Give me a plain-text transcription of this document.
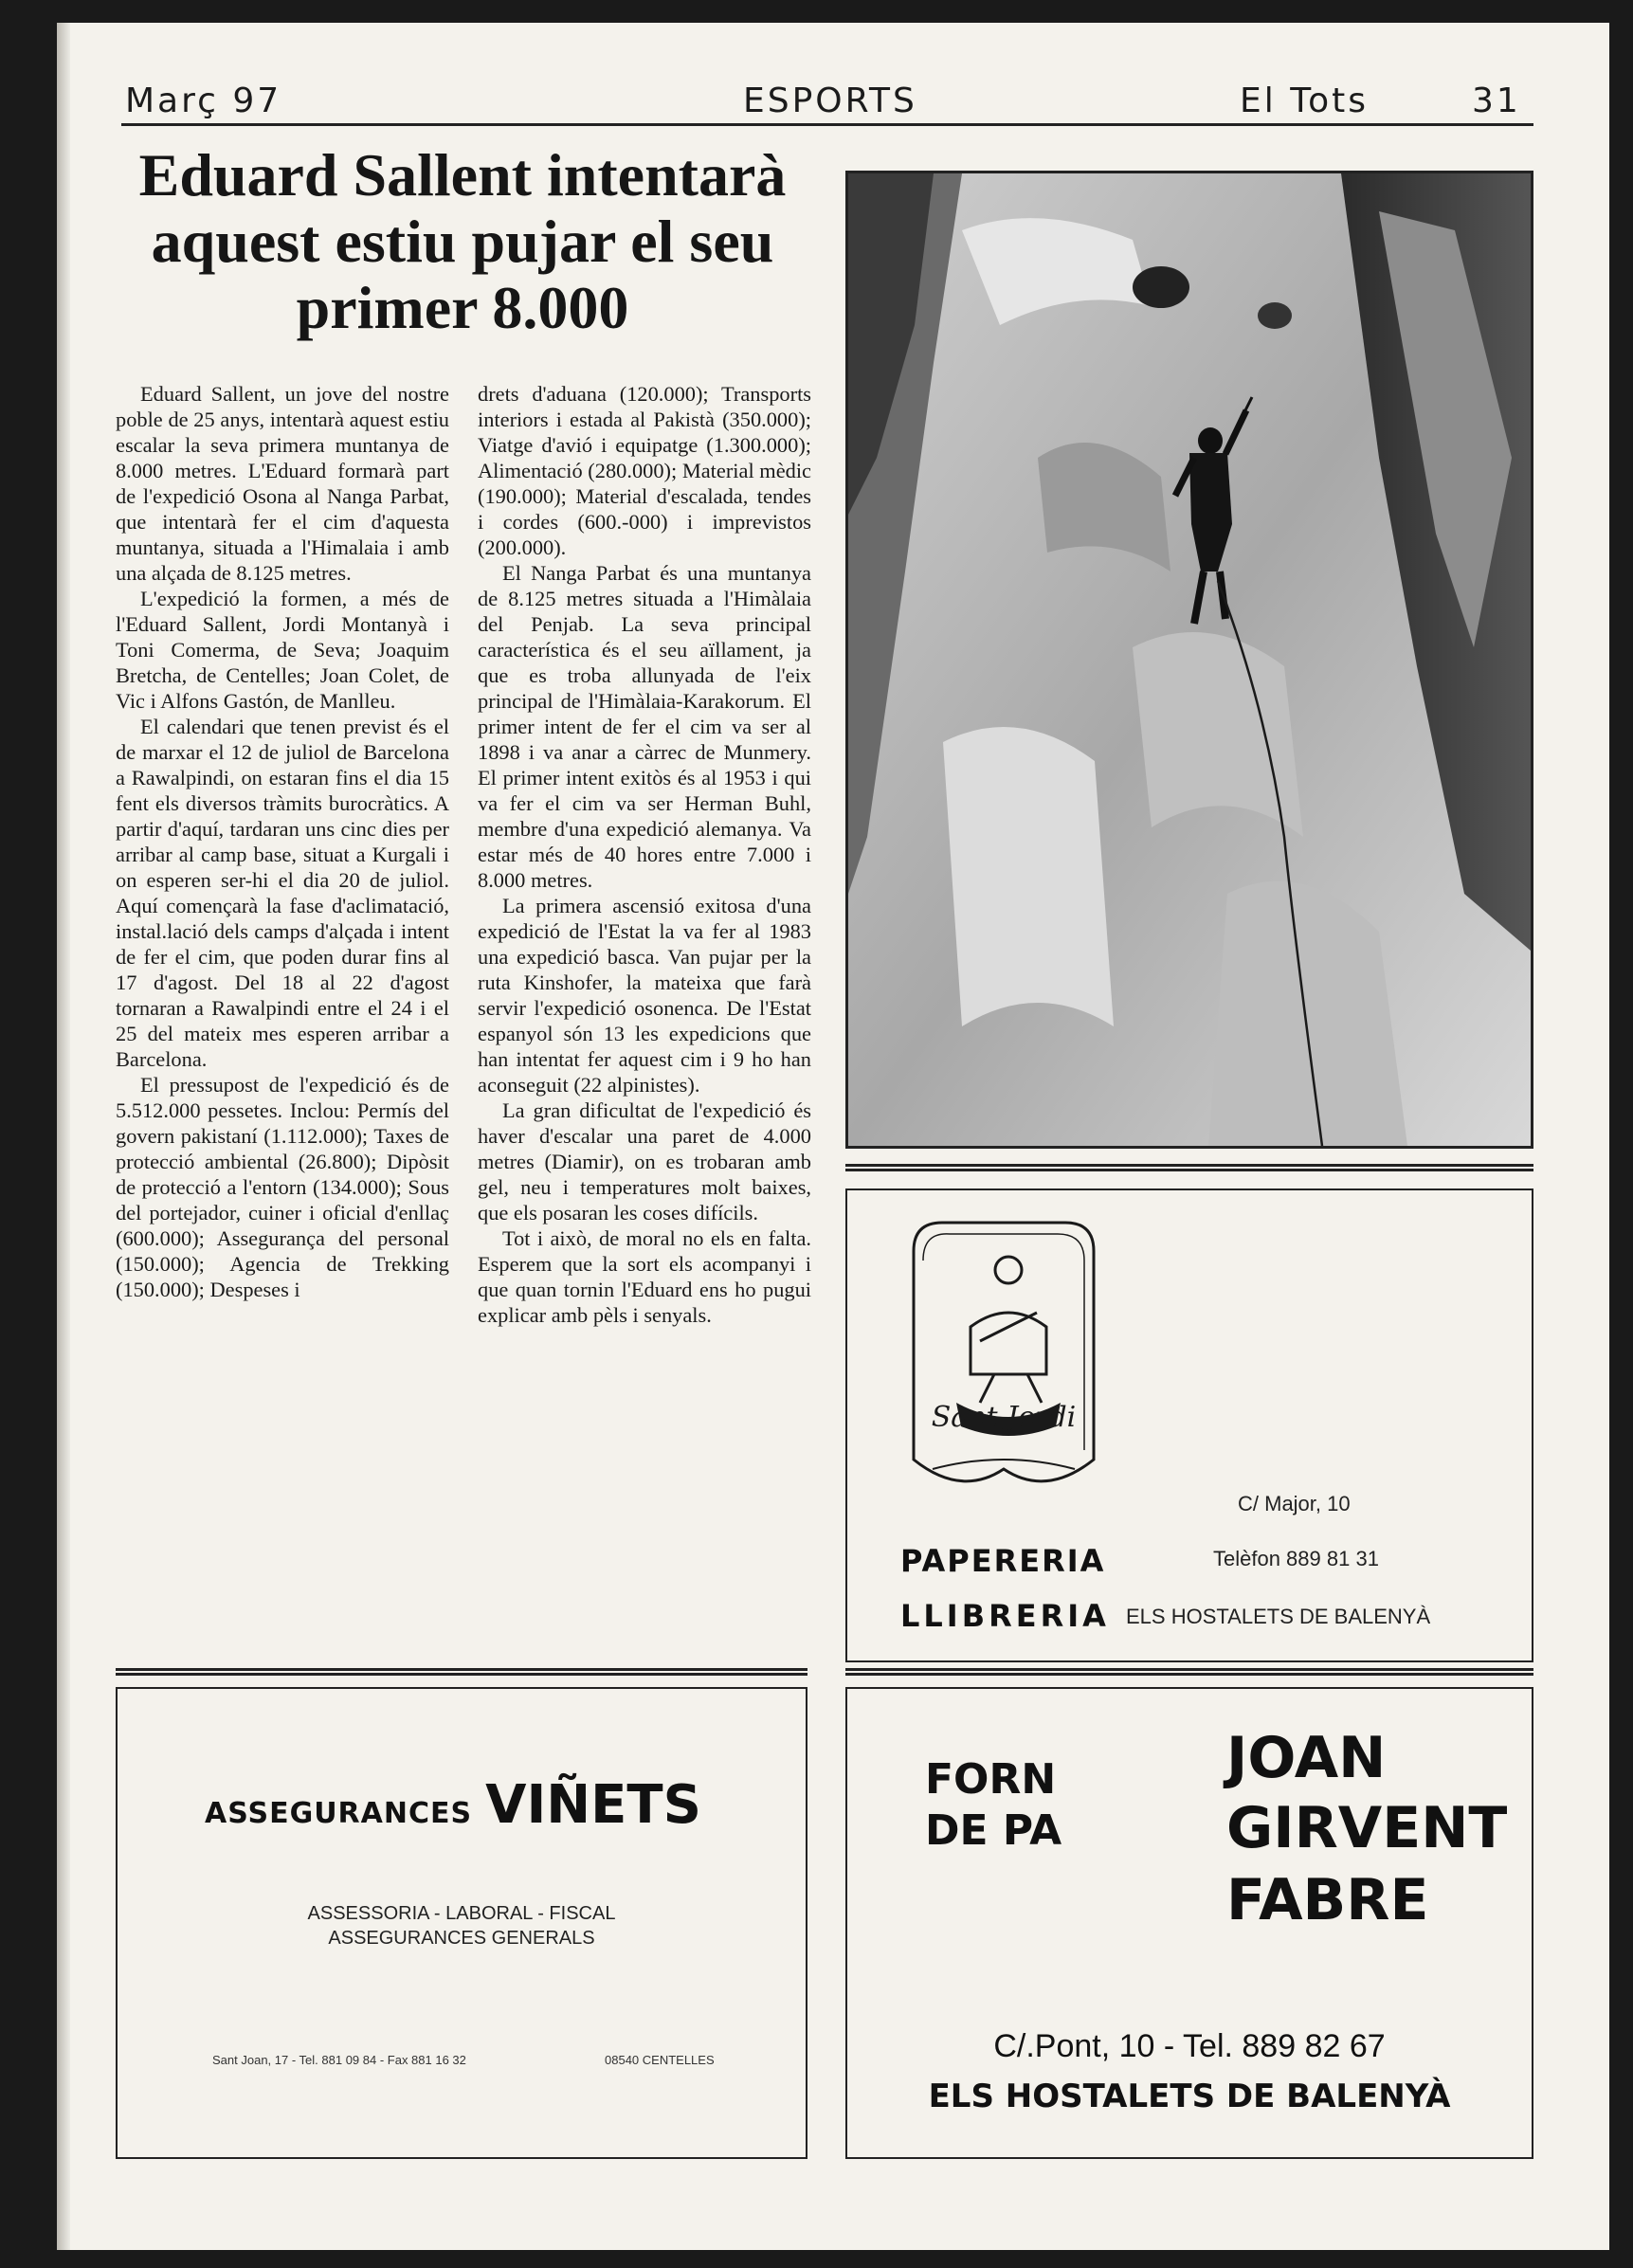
Març 97	ESPORTS	El Tots	31
Eduard Sallent intentarà aquest estiu pujar el seu primer 8.000

Eduard Sallent, un jove del nostre poble de 25 anys, intentarà aquest estiu escalar la seva primera muntanya de 8.000 metres. L'Eduard formarà part de l'expedició Osona al Nanga Parbat, que intentarà fer el cim d'aquesta muntanya, situada a l'Himalaia i amb una alçada de 8.125 metres.

L'expedició la formen, a més de l'Eduard Sallent, Jordi Montanyà i Toni Comerma, de Seva; Joaquim Bretcha, de Centelles; Joan Colet, de Vic i Alfons Gastón, de Manlleu.

El calendari que tenen previst és el de marxar el 12 de juliol de Barcelona a Rawalpindi, on estaran fins el dia 15 fent els diversos tràmits burocràtics. A partir d'aquí, tardaran uns cinc dies per arribar al camp base, situat a Kurgali i on esperen ser-hi el dia 20 de juliol. Aquí començarà la fase d'aclimatació, instal.lació dels camps d'alçada i intent de fer el cim, que poden durar fins al 17 d'agost. Del 18 al 22 d'agost tornaran a Rawalpindi entre el 24 i el 25 del mateix mes esperen arribar a Barcelona.

El pressupost de l'expedició és de 5.512.000 pessetes. Inclou: Permís del govern pakistaní (1.112.000); Taxes de protecció ambiental (26.800); Dipòsit de protecció a l'entorn (134.000); Sous del portejador, cuiner i oficial d'enllaç (600.000); Assegurança del personal (150.000); Agencia de Trekking (150.000); Despeses i

drets d'aduana (120.000); Transports interiors i estada al Pakistà (350.000); Viatge d'avió i equipatge (1.300.000); Alimentació (280.000); Material mèdic (190.000); Material d'escalada, tendes i cordes (600.-000) i imprevistos (200.000).

El Nanga Parbat és una muntanya de 8.125 metres situada a l'Himàlaia del Penjab. La seva principal característica és el seu aïllament, ja que es troba allunyada de l'eix principal de l'Himàlaia-Karakorum. El primer intent de fer el cim va ser al 1898 i va anar a càrrec de Munmery. El primer intent exitòs és al 1953 i qui va fer el cim va ser Herman Buhl, membre d'una expedició alemanya. Va estar més de 40 hores entre 7.000 i 8.000 metres.

La primera ascensió exitosa d'una expedició de l'Estat la va fer al 1983 una expedició basca. Van pujar per la ruta Kinshofer, la mateixa que farà servir l'expedició osonenca. De l'Estat espanyol són 13 les expedicions que han intentat fer aquest cim i 9 ho han aconseguit (22 alpinistes).

La gran dificultat de l'expedició és haver d'escalar una paret de 4.000 metres (Diamir), on es trobaran amb gel, neu i temperatures molt baixes, que els posaran les coses difícils.

Tot i això, de moral no els en falta. Esperem que la sort els acompanyi i que quan tornin l'Eduard ens ho pugui explicar amb pèls i senyals.

Sant Jordi
C/ Major, 10
Telèfon 889 81 31
PAPERERIA
LLIBRERIA ELS HOSTALETS DE BALENYÀ
ASSEGURANCES VIÑETS
ASSESSORIA - LABORAL - FISCAL
ASSEGURANCES GENERALS
Sant Joan, 17 - Tel. 881 09 84 - Fax 881 16 32	08540 CENTELLES
FORN
DE PA
JOAN
GIRVENT
FABRE
C/.Pont, 10 - Tel. 889 82 67
ELS HOSTALETS DE BALENYÀ
